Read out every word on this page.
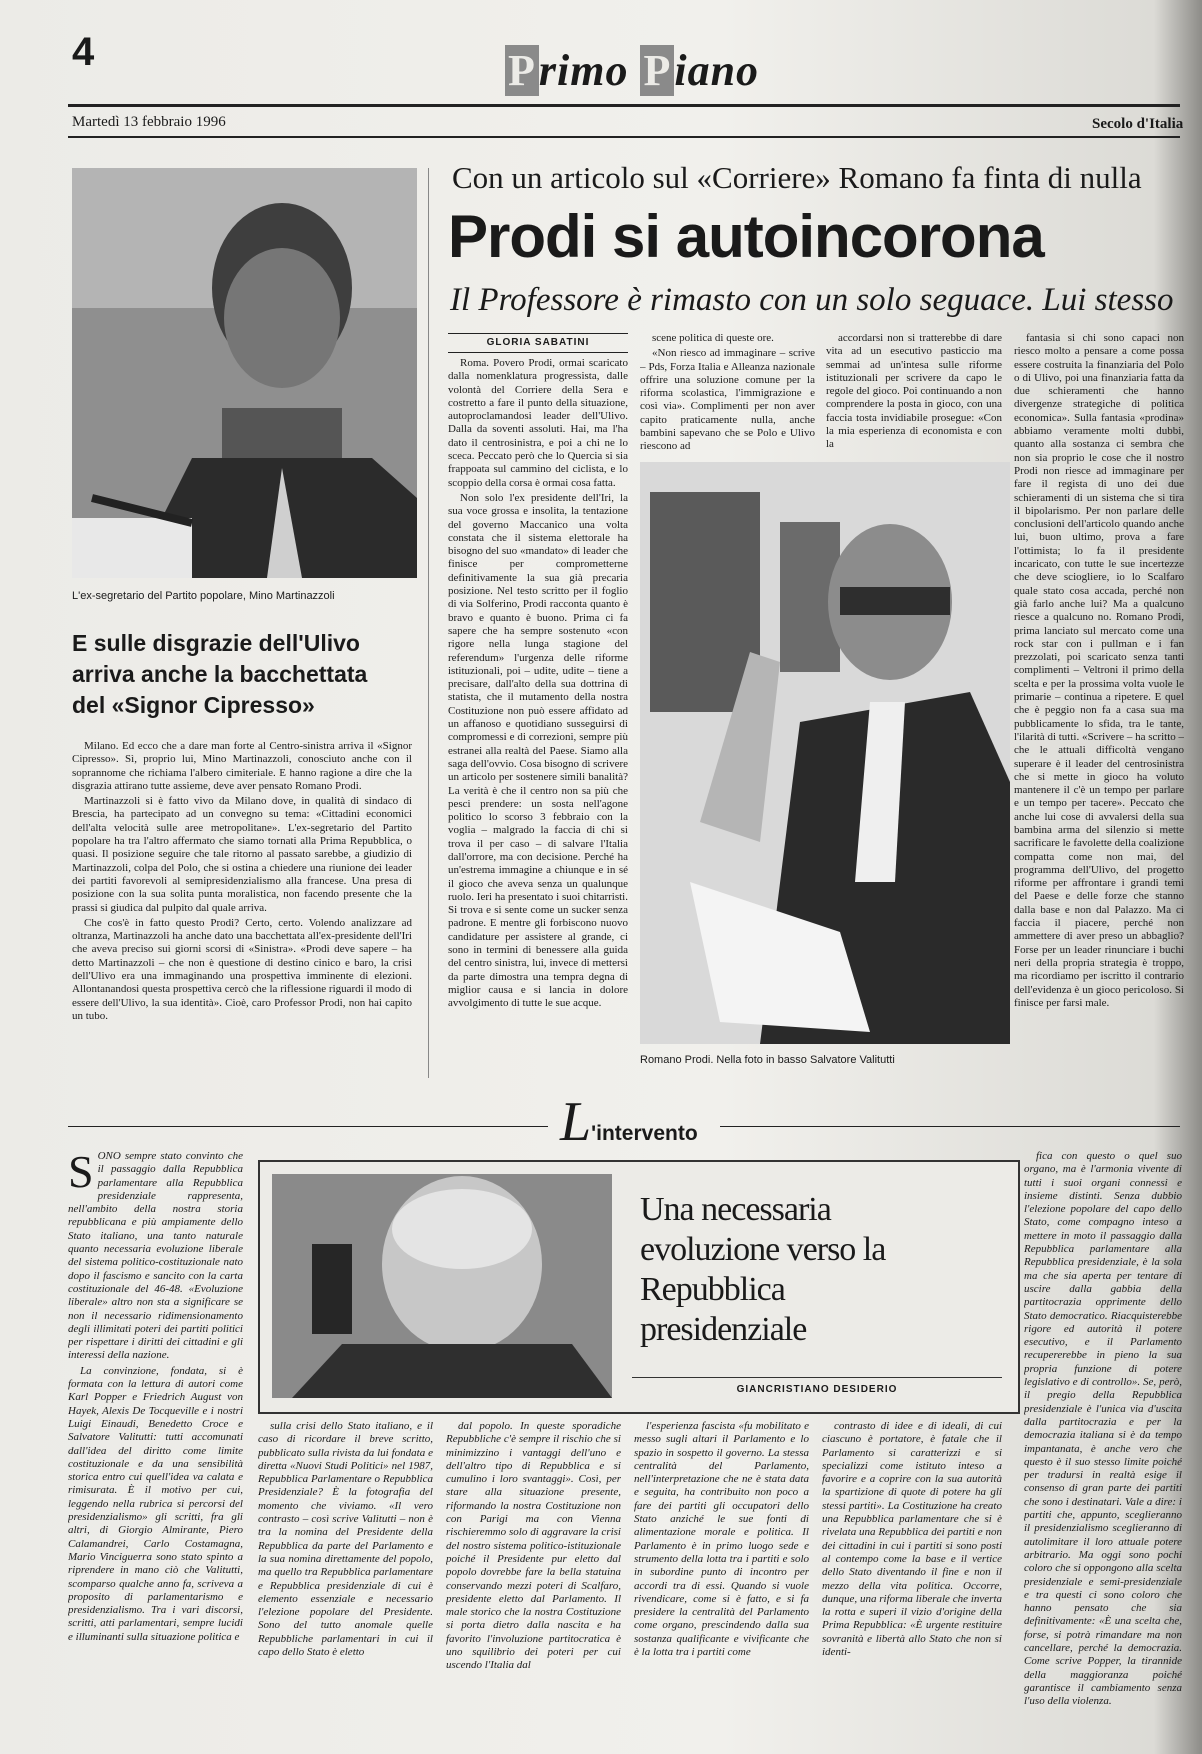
4	Primo Piano
Martedì 13 febbraio 1996	Secolo d'Italia
L'ex-segretario del Partito popolare, Mino Martinazzoli
E sulle disgrazie dell'Ulivo arriva anche la bacchettata del «Signor Cipresso»

Milano. Ed ecco che a dare man forte al Centro-sinistra arriva il «Signor Cipresso». Sì, proprio lui, Mino Martinazzoli, conosciuto anche con il soprannome che richiama l'albero cimiteriale. E hanno ragione a dire che la disgrazia attirano tutte assieme, deve aver pensato Romano Prodi.

Martinazzoli si è fatto vivo da Milano dove, in qualità di sindaco di Brescia, ha partecipato ad un convegno su tema: «Cittadini economici dell'alta velocità sulle aree metropolitane». L'ex-segretario del Partito popolare ha tra l'altro affermato che siamo tornati alla Prima Repubblica, o quasi. Il posizione seguire che tale ritorno al passato sarebbe, a giudizio di Martinazzoli, colpa del Polo, che si ostina a chiedere una riunione dei leader dei partiti favorevoli al semipresidenzialismo alla francese. Una presa di posizione con la sua solita punta moralistica, non facendo presente che la prassi si giudica dal pulpito dal quale arriva.

Che cos'è in fatto questo Prodi? Certo, certo. Volendo analizzare ad oltranza, Martinazzoli ha anche dato una bacchettata all'ex-presidente dell'Iri che aveva preciso sui giorni scorsi di «Sinistra». «Prodi deve sapere – ha detto Martinazzoli – che non è questione di destino cinico e baro, la crisi dell'Ulivo era una immaginando una prospettiva imminente di elezioni. Allontanandosi questa prospettiva cercò che la riflessione riguardi il modo di essere dell'Ulivo, la sua identità». Cioè, caro Professor Prodi, non hai capito un tubo.

Con un articolo sul «Corriere» Romano fa finta di nulla
Prodi si autoincorona
Il Professore è rimasto con un solo seguace. Lui stesso
GLORIA SABATINI

Roma. Povero Prodi, ormai scaricato dalla nomenklatura progressista, dalle volontà del Corriere della Sera e costretto a fare il punto della situazione, autoproclamandosi leader dell'Ulivo. Dalla da soventi assoluti. Hai, ma l'ha dato il centrosinistra, e poi a chi ne lo sceca. Peccato però che lo Quercia si sia frappoata sul cammino del ciclista, e lo scoppio della corsa è ormai cosa fatta.

Non solo l'ex presidente dell'Iri, la sua voce grossa e insolita, la tentazione del governo Maccanico una volta constata che il sistema elettorale ha bisogno del suo «mandato» di leader che finisce per comprometterne definitivamente la sua già precaria posizione. Nel testo scritto per il foglio di via Solferino, Prodi racconta quanto è bravo e quanto è buono. Prima ci fa sapere che ha sempre sostenuto «con rigore nella lunga stagione del referendum» l'urgenza delle riforme istituzionali, poi – udite, udite – tiene a precisare, dall'alto della sua dottrina di statista, che il mutamento della nostra Costituzione non può essere affidato ad un affanoso e quotidiano susseguirsi di compromessi e di correzioni, sempre più estranei alla realtà del Paese. Siamo alla saga dell'ovvio. Cosa bisogno di scrivere un articolo per sostenere simili banalità? La verità è che il centro non sa più che pesci prendere: un sosta nell'agone politico lo scorso 3 febbraio con la voglia – malgrado la faccia di chi si trova il per caso – di salvare l'Italia dall'orrore, ma con decisione. Perché ha un'estrema immagine a chiunque e in sé il gioco che aveva senza un qualunque ruolo. Ieri ha presentato i suoi chitarristi. Si trova e si sente come un sucker senza padrone. E mentre gli forbiscono nuovo candidature per assistere al grande, ci sono in termini di benessere alla guida del centro sinistra, lui, invece di mettersi da parte dimostra una tempra degna di miglior causa e si lancia in dolore avvolgimento di tutte le sue acque.

scene politica di queste ore.

«Non riesco ad immaginare – scrive – Pds, Forza Italia e Alleanza nazionale offrire una soluzione comune per la riforma scolastica, l'immigrazione e così via». Complimenti per non aver capito praticamente nulla, anche bambini sapevano che se Polo e Ulivo riescono ad

accordarsi non si tratterebbe di dare vita ad un esecutivo pasticcio ma semmai ad un'intesa sulle riforme istituzionali per scrivere da capo le regole del gioco. Poi continuando a non comprendere la posta in gioco, con una faccia tosta invidiabile prosegue: «Con la mia esperienza di economista e con la

fantasia si chi sono capaci non riesco molto a pensare a come possa essere costruita la finanziaria del Polo o di Ulivo, poi una finanziaria fatta da due schieramenti che hanno divergenze strategiche di politica economica». Sulla fantasia «prodina» abbiamo veramente molti dubbi, quanto alla sostanza ci sembra che non sia proprio le cose che il nostro Prodi non riesce ad immaginare per fare il regista di uno dei due schieramenti di un sistema che si tira il bipolarismo. Per non parlare delle conclusioni dell'articolo quando anche lui, buon ultimo, prova a fare l'ottimista; lo fa il presidente incaricato, con tutte le sue incertezze che deve sciogliere, io lo Scalfaro quale stato cosa accada, perché non già farlo anche lui? Ma a qualcuno riesce a qualcuno no. Romano Prodi, prima lanciato sul mercato come una rock star con i pullman e i fan prezzolati, poi scaricato senza tanti complimenti – Veltroni il primo della scelta e per la prossima volta vuole le primarie – continua a ripetere. E quel che è peggio non fa a casa sua ma pubblicamente lo sfida, tra le tante, l'ilarità di tutti. «Scrivere – ha scritto – che le attuali difficoltà vengano superare è il leader del centrosinistra che si mette in gioco ha voluto mantenere il c'è un tempo per parlare e un tempo per tacere». Peccato che anche lui cose di avvalersi della sua bambina arma del silenzio si mette sacrificare le favolette della coalizione compatta come non mai, del programma dell'Ulivo, del progetto riforme per affrontare i grandi temi del Paese e delle forze che stanno dalla base e non dal Palazzo. Ma ci faccia il piacere, perché non ammettere di aver preso un abbaglio? Forse per un leader rinunciare i buchi neri della propria strategia è troppo, ma ricordiamo per iscritto il contrario dell'evidenza è un gioco pericoloso. Si finisce per farsi male.

Romano Prodi. Nella foto in basso Salvatore Valitutti
L'intervento

SONO sempre stato convinto che il passaggio dalla Repubblica parlamentare alla Repubblica presidenziale rappresenta, nell'ambito della nostra storia repubblicana e più ampiamente dello Stato italiano, una tanto naturale quanto necessaria evoluzione liberale del sistema politico-costituzionale nato dopo il fascismo e sancito con la carta costituzionale del 46-48. «Evoluzione liberale» altro non sta a significare se non il necessario ridimensionamento degli illimitati poteri dei partiti politici per rispettare i diritti dei cittadini e gli interessi della nazione.

La convinzione, fondata, si è formata con la lettura di autori come Karl Popper e Friedrich August von Hayek, Alexis De Tocqueville e i nostri Luigi Einaudi, Benedetto Croce e Salvatore Valitutti: tutti accomunati dall'idea del diritto come limite costituzionale e da una sensibilità storica entro cui quell'idea va calata e rimisurata. È il motivo per cui, leggendo nella rubrica si percorsi del presidenzialismo» gli scritti, fra gli altri, di Giorgio Almirante, Piero Calamandrei, Carlo Costamagna, Mario Vinciguerra sono stato spinto a riprendere in mano ciò che Valitutti, scomparso qualche anno fa, scriveva a proposito di parlamentarismo e presidenzialismo. Tra i vari discorsi, scritti, atti parlamentari, sempre lucidi e illuminanti sulla situazione politica e

GIANCRISTIANO DESIDERIO
Una necessaria evoluzione verso la Repubblica presidenziale

sulla crisi dello Stato italiano, e il caso di ricordare il breve scritto, pubblicato sulla rivista da lui fondata e diretta «Nuovi Studi Politici» nel 1987, Repubblica Parlamentare o Repubblica Presidenziale? È la fotografia del momento che viviamo. «Il vero contrasto – così scrive Valitutti – non è tra la nomina del Presidente della Repubblica da parte del Parlamento e la sua nomina direttamente del popolo, ma quello tra Repubblica parlamentare e Repubblica presidenziale di cui è elemento essenziale e necessario l'elezione popolare del Presidente. Sono del tutto anomale quelle Repubbliche parlamentari in cui il capo dello Stato è eletto

dal popolo. In queste sporadiche Repubbliche c'è sempre il rischio che si minimizzino i vantaggi dell'uno e dell'altro tipo di Repubblica e si cumulino i loro svantaggi». Così, per stare alla situazione presente, riformando la nostra Costituzione non con Parigi ma con Vienna rischieremmo solo di aggravare la crisi del nostro sistema politico-istituzionale poiché il Presidente pur eletto dal popolo dovrebbe fare la bella statuina conservando mezzi poteri di Scalfaro, presidente eletto dal Parlamento. Il male storico che la nostra Costituzione si porta dietro dalla nascita e ha favorito l'involuzione partitocratica è uno squilibrio dei poteri per cui uscendo l'Italia dal

l'esperienza fascista «fu mobilitato e messo sugli altari il Parlamento e lo spazio in sospetto il governo. La stessa centralità del Parlamento, nell'interpretazione che ne è stata data e seguita, ha contribuito non poco a fare dei partiti gli occupatori dello Stato anziché le sue fonti di alimentazione morale e politica. Il Parlamento è in primo luogo sede e strumento della lotta tra i partiti e solo in subordine punto di incontro per accordi tra di essi. Quando si vuole rivendicare, come si è fatto, e si fa presidere la centralità del Parlamento come organo, prescindendo dalla sua sostanza qualificante e vivificante che è la lotta tra i partiti come

contrasto di idee e di ideali, di cui ciascuno è portatore, è fatale che il Parlamento si caratterizzi e si specializzi come istituto inteso a favorire e a coprire con la sua autorità la spartizione di quote di potere ha gli stessi partiti». La Costituzione ha creato una Repubblica parlamentare che si è rivelata una Repubblica dei partiti e non dei cittadini in cui i partiti si sono posti al contempo come la base e il vertice dello Stato diventando il fine e non il mezzo della vita politica. Occorre, dunque, una riforma liberale che inverta la rotta e superi il vizio d'origine della Prima Repubblica: «È urgente restituire sovranità e libertà allo Stato che non si identi-

fica con questo o quel suo organo, ma è l'armonia vivente di tutti i suoi organi connessi e insieme distinti. Senza dubbio l'elezione popolare del capo dello Stato, come compagno inteso a mettere in moto il passaggio dalla Repubblica parlamentare alla Repubblica presidenziale, è la sola ma che sia aperta per tentare di uscire dalla gabbia della partitocrazia opprimente dello Stato democratico. Riacquisterebbe rigore ed autorità il potere esecutivo, e il Parlamento recupererebbe in pieno la sua propria funzione di potere legislativo e di controllo». Se, però, il pregio della Repubblica presidenziale è l'unica via d'uscita dalla partitocrazia e per la democrazia italiana si è da tempo impantanata, è anche vero che questo è il suo stesso limite poiché per tradursi in realtà esige il consenso di gran parte dei partiti che sono i destinatari. Vale a dire: i partiti che, appunto, sceglieranno il presidenzialismo sceglieranno di autolimitare il loro attuale potere arbitrario. Ma oggi sono pochi coloro che si oppongono alla scelta presidenziale e semi-presidenziale e tra questi ci sono coloro che hanno pensato che sia definitivamente: «È una scelta che, forse, si potrà rimandare ma non cancellare, perché la democrazia. Come scrive Popper, la tirannide della maggioranza poiché garantisce il cambiamento senza l'uso della violenza.
